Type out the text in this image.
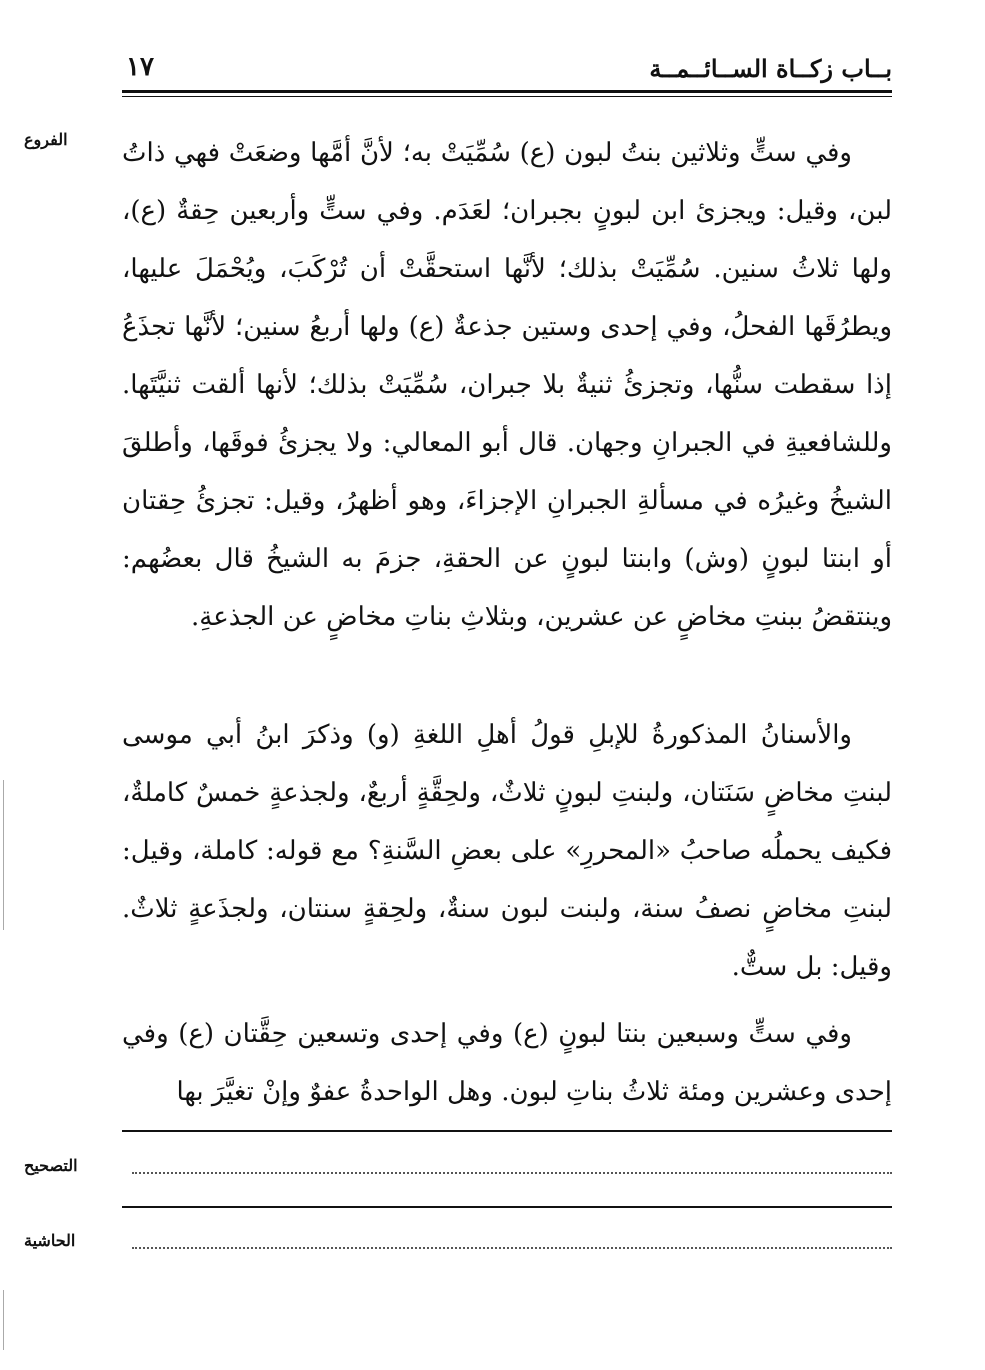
بــاب زكــاة الســائــمــة
١٧
الفروع وفي ستٍّ وثلاثين بنتُ لبون (ع) سُمِّيَتْ به؛ لأنَّ أمَّها وضعَتْ فهي ذاتُ لبن، وقيل: ويجزئ ابن لبونٍ بجبران؛ لعَدَم. وفي ستٍّ وأربعين حِقةٌ (ع)، ولها ثلاثُ سنين. سُمِّيَتْ بذلك؛ لأنَّها استحقَّتْ أن تُرْكَبَ، ويُحْمَلَ عليها، ويطرُقَها الفحلُ، وفي إحدى وستين جذعةٌ (ع) ولها أربعُ سنين؛ لأنَّها تجذَعُ إذا سقطت سنُّها، وتجزئُ ثنيةٌ بلا جبران، سُمِّيَتْ بذلك؛ لأنها ألقت ثنيَّتَها. وللشافعيةِ في الجبرانِ وجهان. قال أبو المعالي: ولا يجزئُ فوقَها، وأطلقَ الشيخُ وغيرُه في مسألةِ الجبرانِ الإجزاءَ، وهو أظهرُ، وقيل: تجزئُ حِقتان أو ابنتا لبونٍ (وش) وابنتا لبونٍ عن الحقةِ، جزمَ به الشيخُ قال بعضُهم: وينتقضُ ببنتِ مخاضٍ عن عشرين، وبثلاثِ بناتِ مخاضٍ عن الجذعةِ.

والأسنانُ المذكورةُ للإبلِ قولُ أهلِ اللغةِ (و) وذكرَ ابنُ أبي موسى لبنتِ مخاضٍ سَنَتان، ولبنتِ لبونٍ ثلاثٌ، ولحِقَّةٍ أربعٌ، ولجذعةٍ خمسٌ كاملةٌ، فكيف يحملُه صاحبُ «المحررِ» على بعضِ السَّنةِ؟ مع قوله: كاملة، وقيل: لبنتِ مخاضٍ نصفُ سنة، ولبنت لبون سنةٌ، ولحِقةٍ سنتان، ولجذَعةٍ ثلاثٌ. وقيل: بل ستٌّ.

وفي ستٍّ وسبعين بنتا لبونٍ (ع) وفي إحدى وتسعين حِقَّتان (ع) وفي إحدى وعشرين ومئة ثلاثُ بناتِ لبون. وهل الواحدةُ عفوٌ وإنْ تغيَّرَ بها

التصحيح
الحاشية
